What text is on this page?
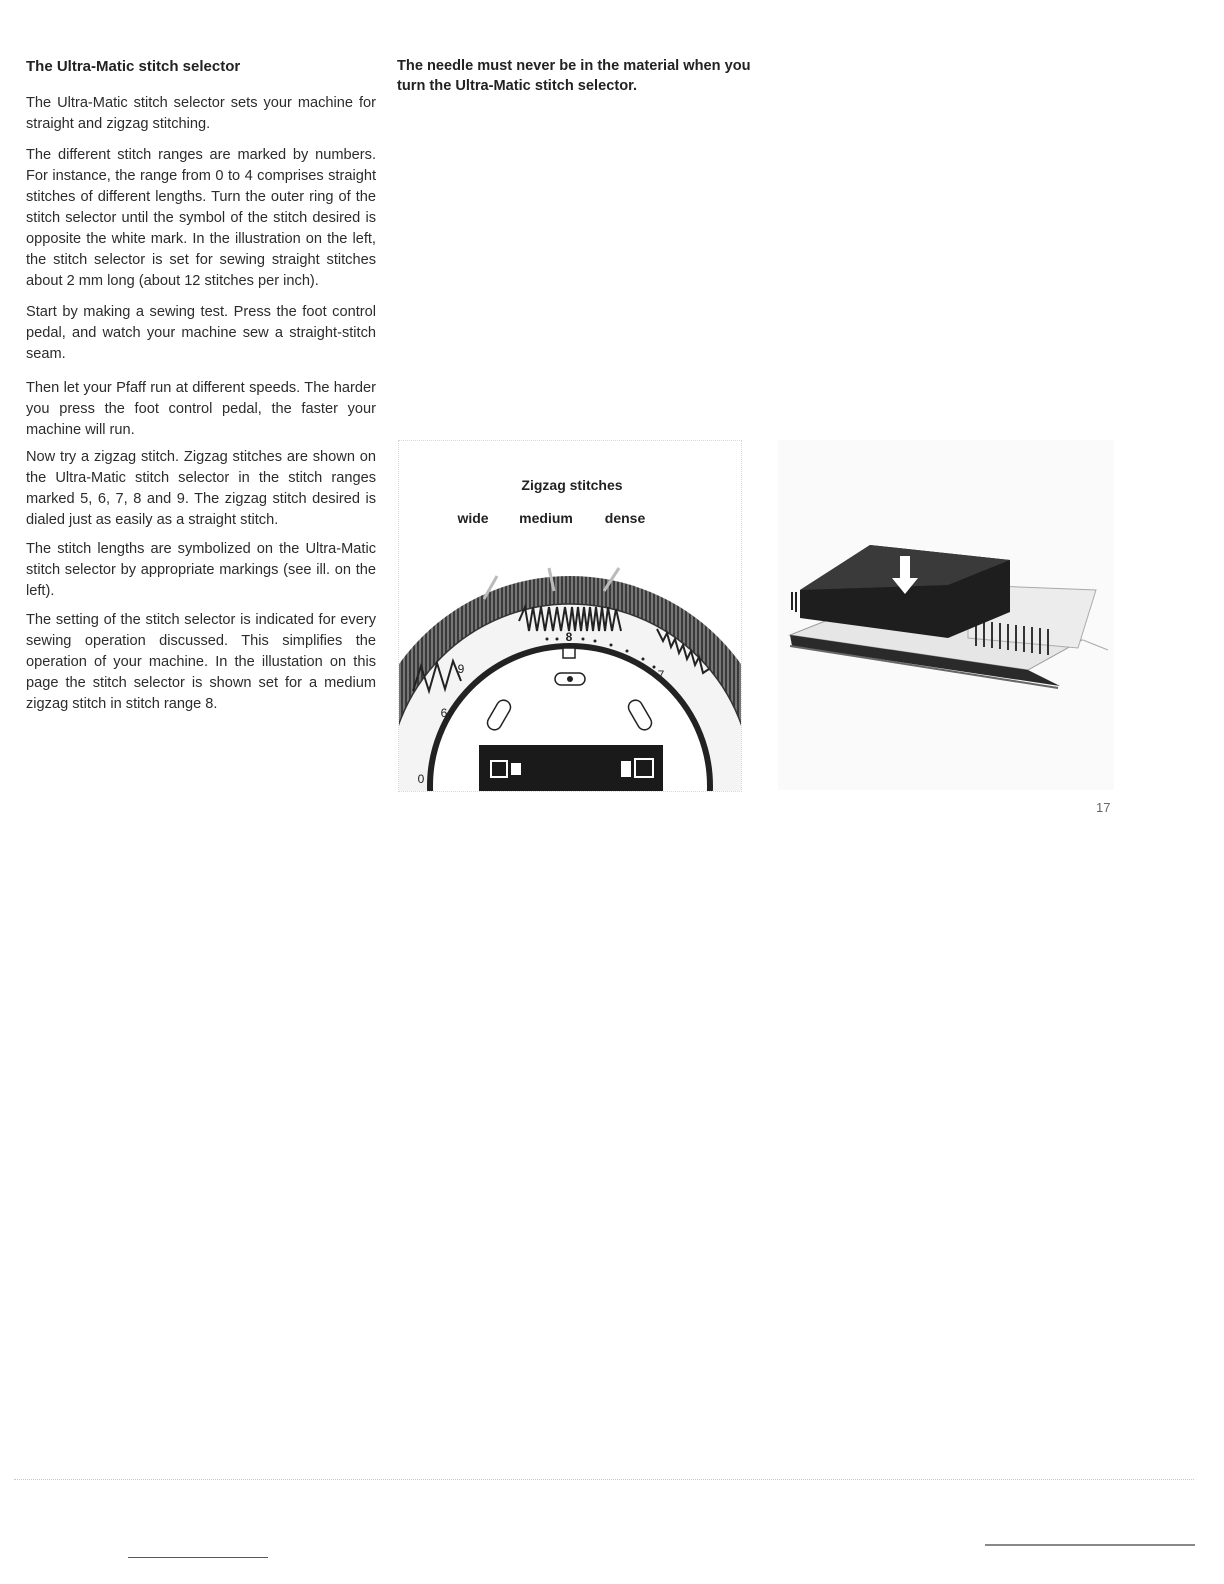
The Ultra-Matic stitch selector

The Ultra-Matic stitch selector sets your machine for straight and zigzag stitching.

The different stitch ranges are marked by numbers. For instance, the range from 0 to 4 comprises straight stitches of different lengths. Turn the outer ring of the stitch selector until the symbol of the stitch desired is opposite the white mark. In the illustration on the left, the stitch selector is set for sewing straight stitches about 2 mm long (about 12 stitches per inch).

Start by making a sewing test. Press the foot control pedal, and watch your machine sew a straight-stitch seam.

Then let your Pfaff run at different speeds. The harder you press the foot control pedal, the faster your machine will run.

Now try a zigzag stitch. Zigzag stitches are shown on the Ultra-Matic stitch selector in the stitch ranges marked 5, 6, 7, 8 and 9. The zigzag stitch desired is dialed just as easily as a straight stitch.

The stitch lengths are symbolized on the Ultra-Matic stitch selector by appropriate markings (see ill. on the left).

The setting of the stitch selector is indicated for every sewing operation discussed. This simplifies the operation of your machine. In the illustation on this page the stitch selector is shown set for a medium zigzag stitch in stitch range 8.

The needle must never be in the material when you turn the Ultra-Matic stitch selector.
Zigzag stitches
wide medium dense
8
7
9
6
0
17
